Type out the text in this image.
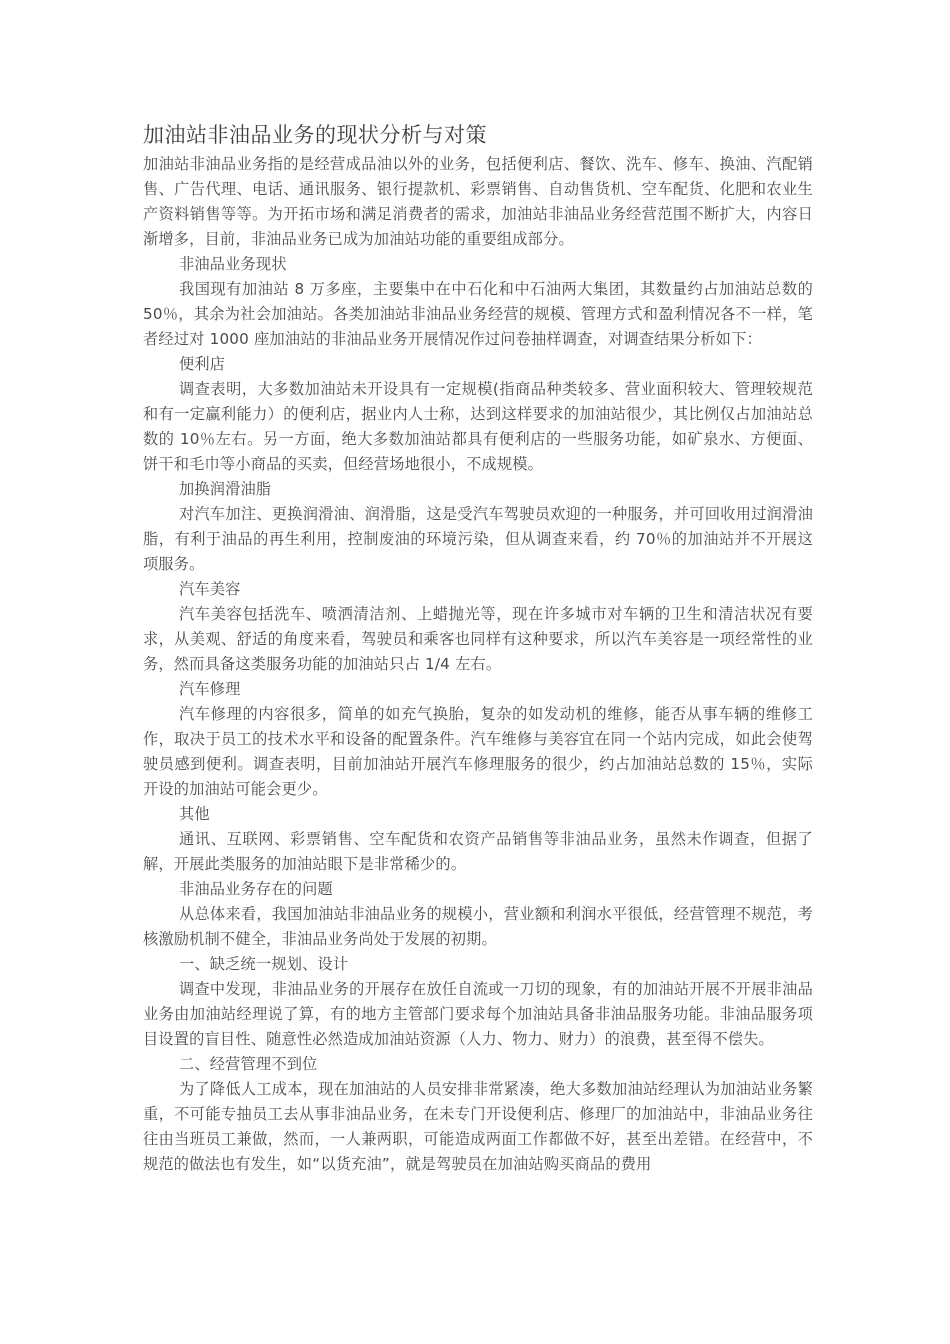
加油站非油品业务的现状分析与对策

加油站非油品业务指的是经营成品油以外的业务，包括便利店、餐饮、洗车、修车、换油、汽配销售、广告代理、电话、通讯服务、银行提款机、彩票销售、自动售货机、空车配货、化肥和农业生产资料销售等等。为开拓市场和满足消费者的需求，加油站非油品业务经营范围不断扩大，内容日渐增多，目前，非油品业务已成为加油站功能的重要组成部分。

非油品业务现状

我国现有加油站 8 万多座，主要集中在中石化和中石油两大集团，其数量约占加油站总数的 50％，其余为社会加油站。各类加油站非油品业务经营的规模、管理方式和盈利情况各不一样，笔者经过对 1000 座加油站的非油品业务开展情况作过问卷抽样调查，对调查结果分析如下：

便利店

调查表明，大多数加油站未开设具有一定规模(指商品种类较多、营业面积较大、管理较规范和有一定赢利能力）的便利店，据业内人士称，达到这样要求的加油站很少，其比例仅占加油站总数的 10％左右。另一方面，绝大多数加油站都具有便利店的一些服务功能，如矿泉水、方便面、饼干和毛巾等小商品的买卖，但经营场地很小，不成规模。

加换润滑油脂

对汽车加注、更换润滑油、润滑脂，这是受汽车驾驶员欢迎的一种服务，并可回收用过润滑油脂，有利于油品的再生利用，控制废油的环境污染，但从调查来看，约 70％的加油站并不开展这项服务。

汽车美容

汽车美容包括洗车、喷洒清洁剂、上蜡抛光等，现在许多城市对车辆的卫生和清洁状况有要求，从美观、舒适的角度来看，驾驶员和乘客也同样有这种要求，所以汽车美容是一项经常性的业务，然而具备这类服务功能的加油站只占 1/4 左右。

汽车修理

汽车修理的内容很多，简单的如充气换胎，复杂的如发动机的维修，能否从事车辆的维修工作，取决于员工的技术水平和设备的配置条件。汽车维修与美容宜在同一个站内完成，如此会使驾驶员感到便利。调查表明，目前加油站开展汽车修理服务的很少，约占加油站总数的 15％，实际开设的加油站可能会更少。

其他

通讯、互联网、彩票销售、空车配货和农资产品销售等非油品业务，虽然未作调查，但据了解，开展此类服务的加油站眼下是非常稀少的。

非油品业务存在的问题

从总体来看，我国加油站非油品业务的规模小，营业额和利润水平很低，经营管理不规范，考核激励机制不健全，非油品业务尚处于发展的初期。

一、缺乏统一规划、设计

调查中发现，非油品业务的开展存在放任自流或一刀切的现象，有的加油站开展不开展非油品业务由加油站经理说了算，有的地方主管部门要求每个加油站具备非油品服务功能。非油品服务项目设置的盲目性、随意性必然造成加油站资源（人力、物力、财力）的浪费，甚至得不偿失。

二、经营管理不到位

为了降低人工成本，现在加油站的人员安排非常紧凑，绝大多数加油站经理认为加油站业务繁重，不可能专抽员工去从事非油品业务，在未专门开设便利店、修理厂的加油站中，非油品业务往往由当班员工兼做，然而，一人兼两职，可能造成两面工作都做不好，甚至出差错。在经营中，不规范的做法也有发生，如“以货充油”，就是驾驶员在加油站购买商品的费用
